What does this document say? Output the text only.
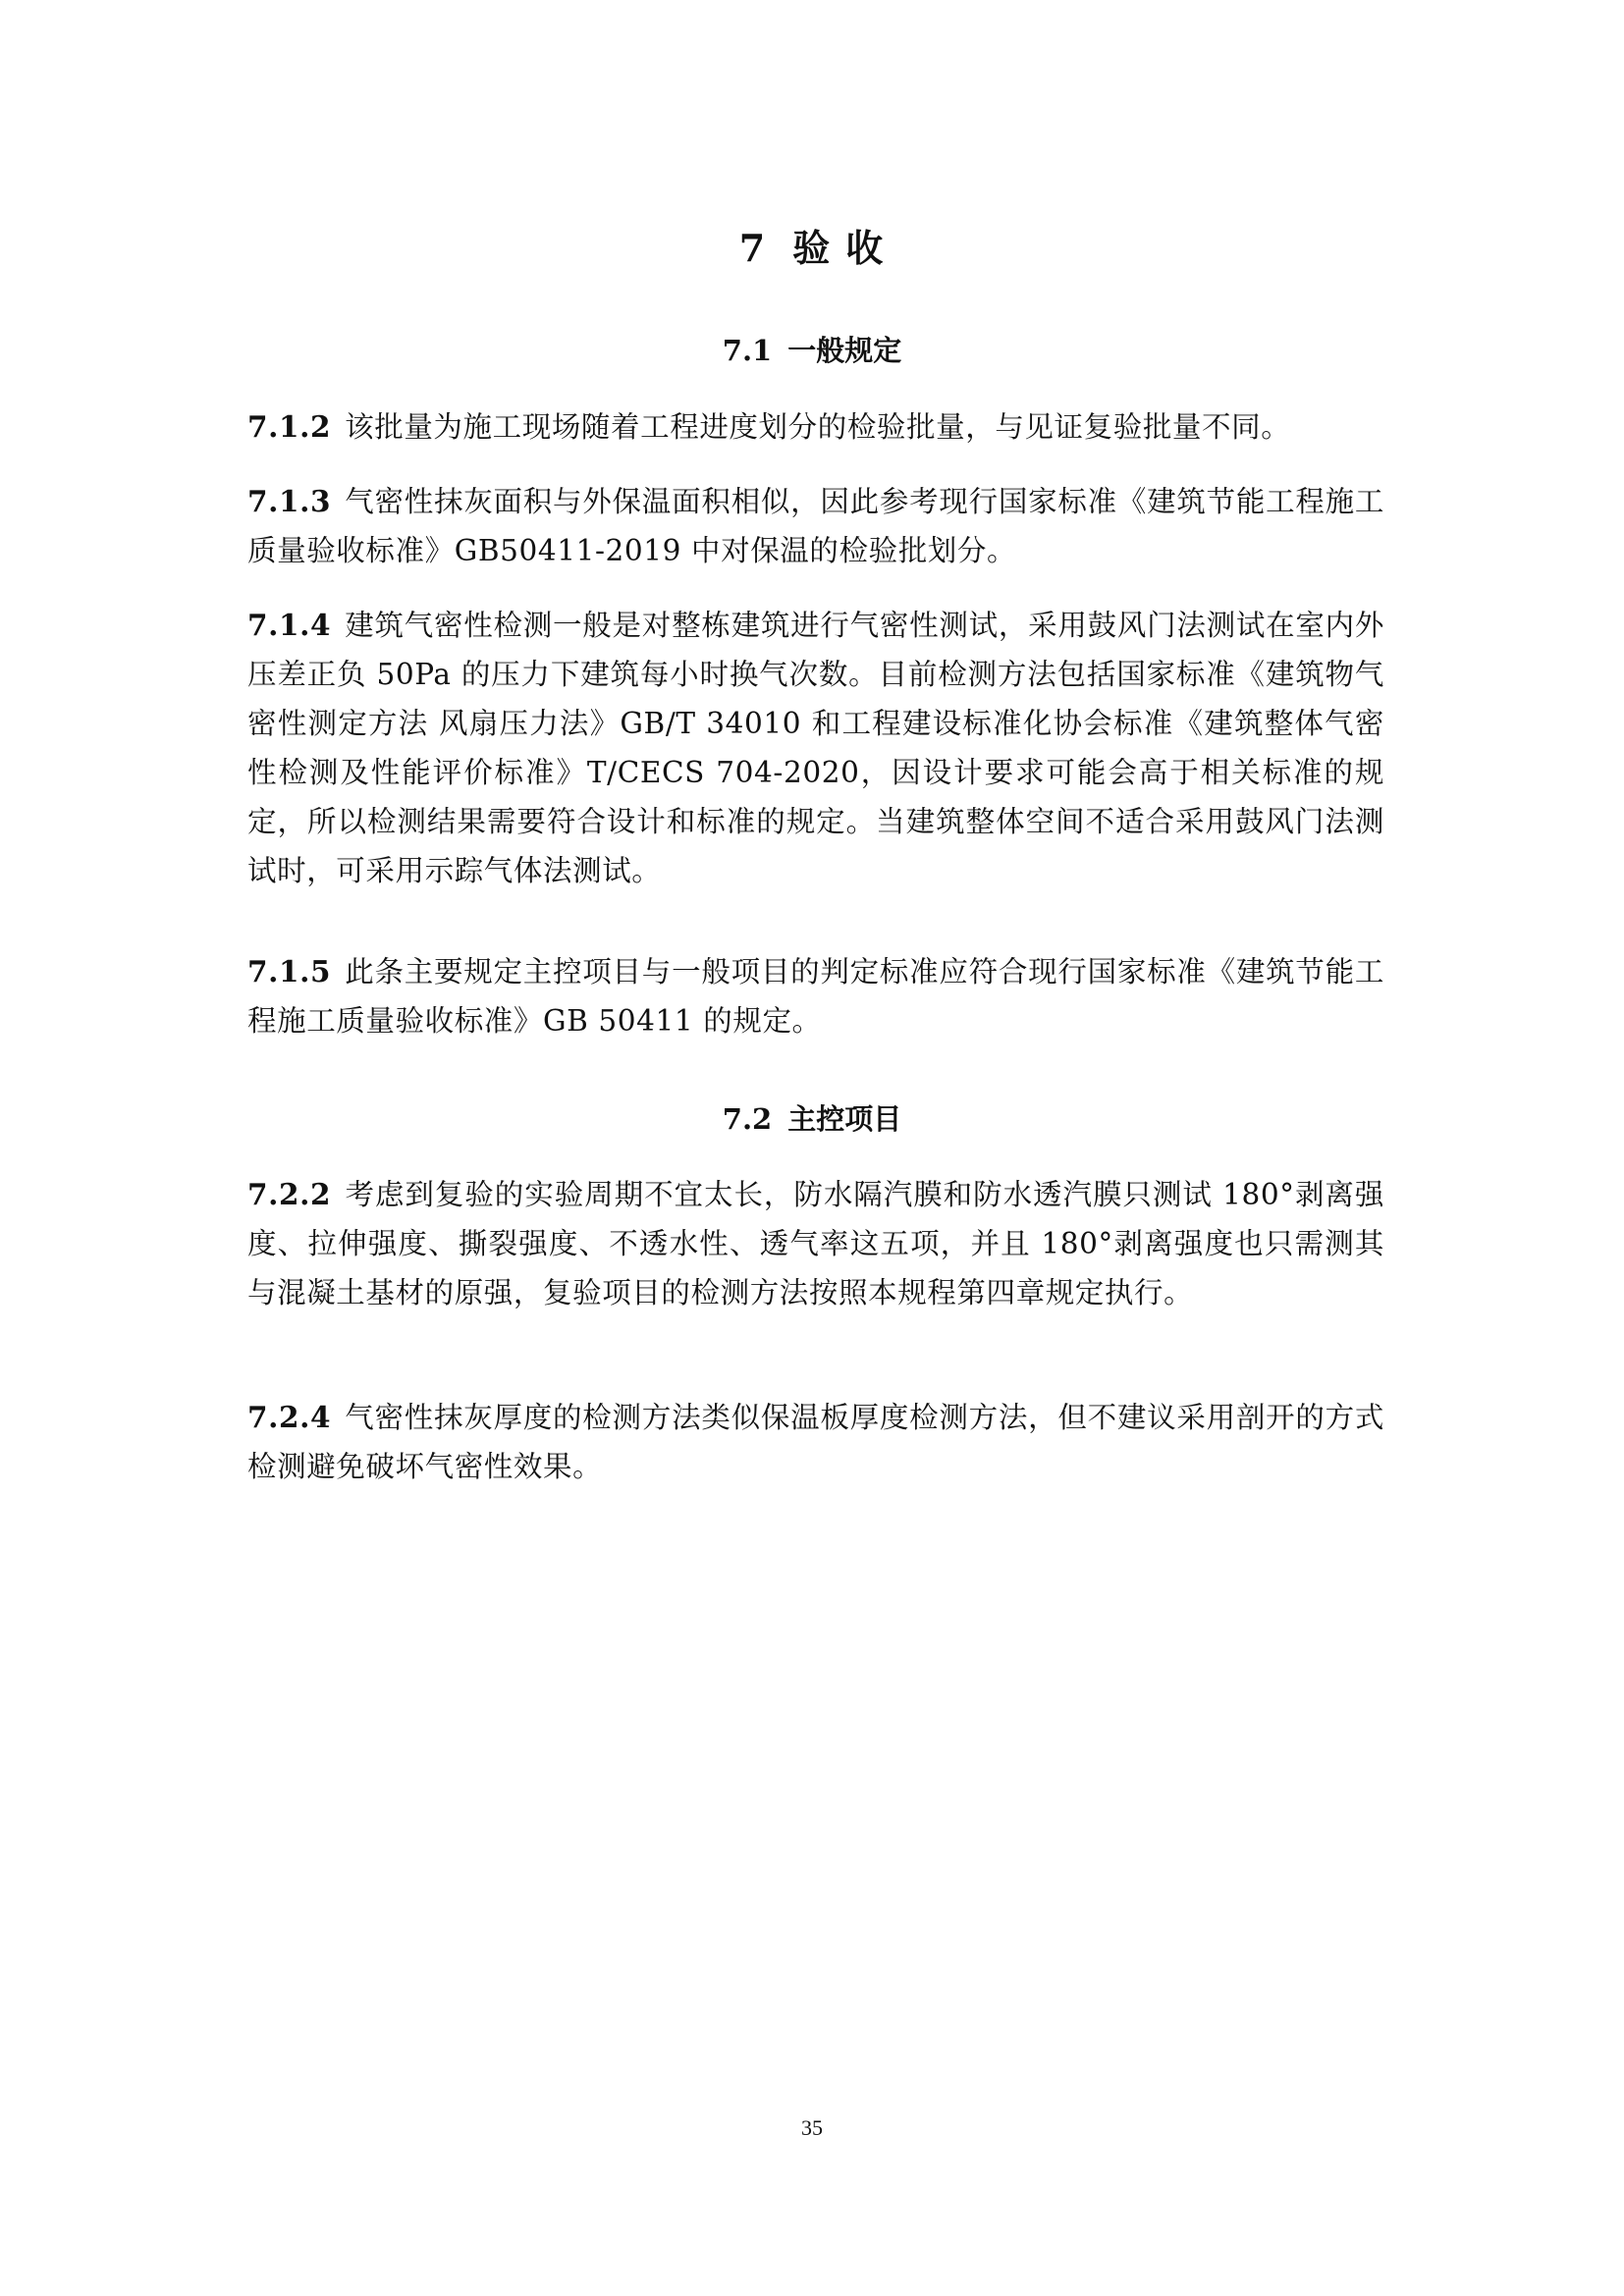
7 验 收
7.1 一般规定

7.1.2 该批量为施工现场随着工程进度划分的检验批量，与见证复验批量不同。

7.1.3 气密性抹灰面积与外保温面积相似，因此参考现行国家标准《建筑节能工程施工质量验收标准》GB50411-2019 中对保温的检验批划分。

7.1.4 建筑气密性检测一般是对整栋建筑进行气密性测试，采用鼓风门法测试在室内外压差正负 50Pa 的压力下建筑每小时换气次数。目前检测方法包括国家标准《建筑物气密性测定方法 风扇压力法》GB/T 34010 和工程建设标准化协会标准《建筑整体气密性检测及性能评价标准》T/CECS 704-2020，因设计要求可能会高于相关标准的规定，所以检测结果需要符合设计和标准的规定。当建筑整体空间不适合采用鼓风门法测试时，可采用示踪气体法测试。

7.1.5 此条主要规定主控项目与一般项目的判定标准应符合现行国家标准《建筑节能工程施工质量验收标准》GB 50411 的规定。

7.2 主控项目

7.2.2 考虑到复验的实验周期不宜太长，防水隔汽膜和防水透汽膜只测试 180°剥离强度、拉伸强度、撕裂强度、不透水性、透气率这五项，并且 180°剥离强度也只需测其与混凝土基材的原强，复验项目的检测方法按照本规程第四章规定执行。

7.2.4 气密性抹灰厚度的检测方法类似保温板厚度检测方法，但不建议采用剖开的方式检测避免破坏气密性效果。

35
